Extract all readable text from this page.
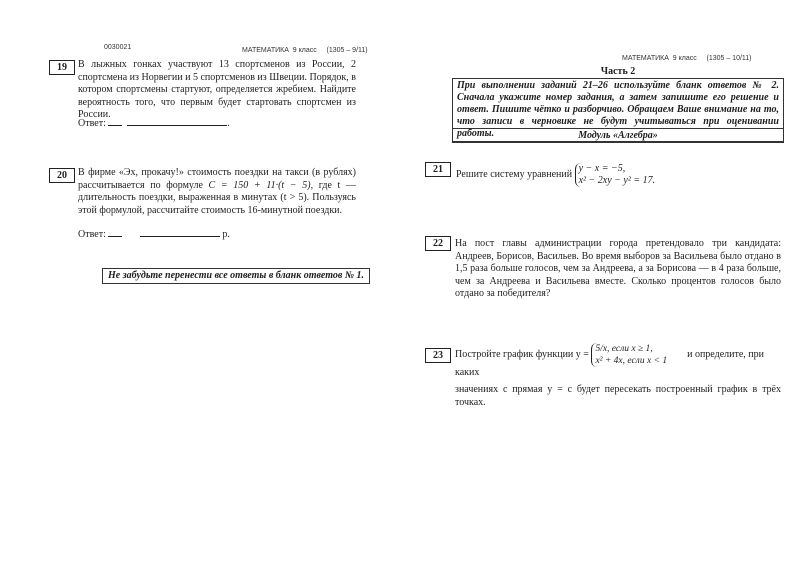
0030021	МАТЕМАТИКА 9 класс (1305 – 9/11)
19	В лыжных гонках участвуют 13 спортсменов из России, 2 спортсмена из Норвегии и 5 спортсменов из Швеции. Порядок, в котором спортсмены стартуют, определяется жребием. Найдите вероятность того, что первым будет стартовать спортсмен из России.
Ответ:	.
20	В фирме «Эх, прокачу!» стоимость поездки на такси (в рублях) рассчитывается по формуле C = 150 + 11·(t − 5), где t — длительность поездки, выраженная в минутах (t > 5). Пользуясь этой формулой, рассчитайте стоимость 16-минутной поездки.
Ответ:	р.
Не забудьте перенести все ответы в бланк ответов № 1.
МАТЕМАТИКА 9 класс (1305 – 10/11)
Часть 2
При выполнении заданий 21–26 используйте бланк ответов № 2. Сначала укажите номер задания, а затем запишите его решение и ответ. Пишите чётко и разборчиво. Обращаем Ваше внимание на то, что записи в черновике не будут учитываться при оценивании работы.	Модуль «Алгебра»
21	Решите систему уравнений y − x = −5,
x² − 2xy − y² = 17.
22	На пост главы администрации города претендовало три кандидата: Андреев, Борисов, Васильев. Во время выборов за Васильева было отдано в 1,5 раза больше голосов, чем за Андреева, а за Борисова — в 4 раза больше, чем за Андреева и Васильева вместе. Сколько процентов голосов было отдано за победителя?
23	Постройте график функции y = 5/x, если x ≥ 1,
x² + 4x, если x < 1        и определите, при каких
значениях c прямая y = c будет пересекать построенный график в трёх точках.
